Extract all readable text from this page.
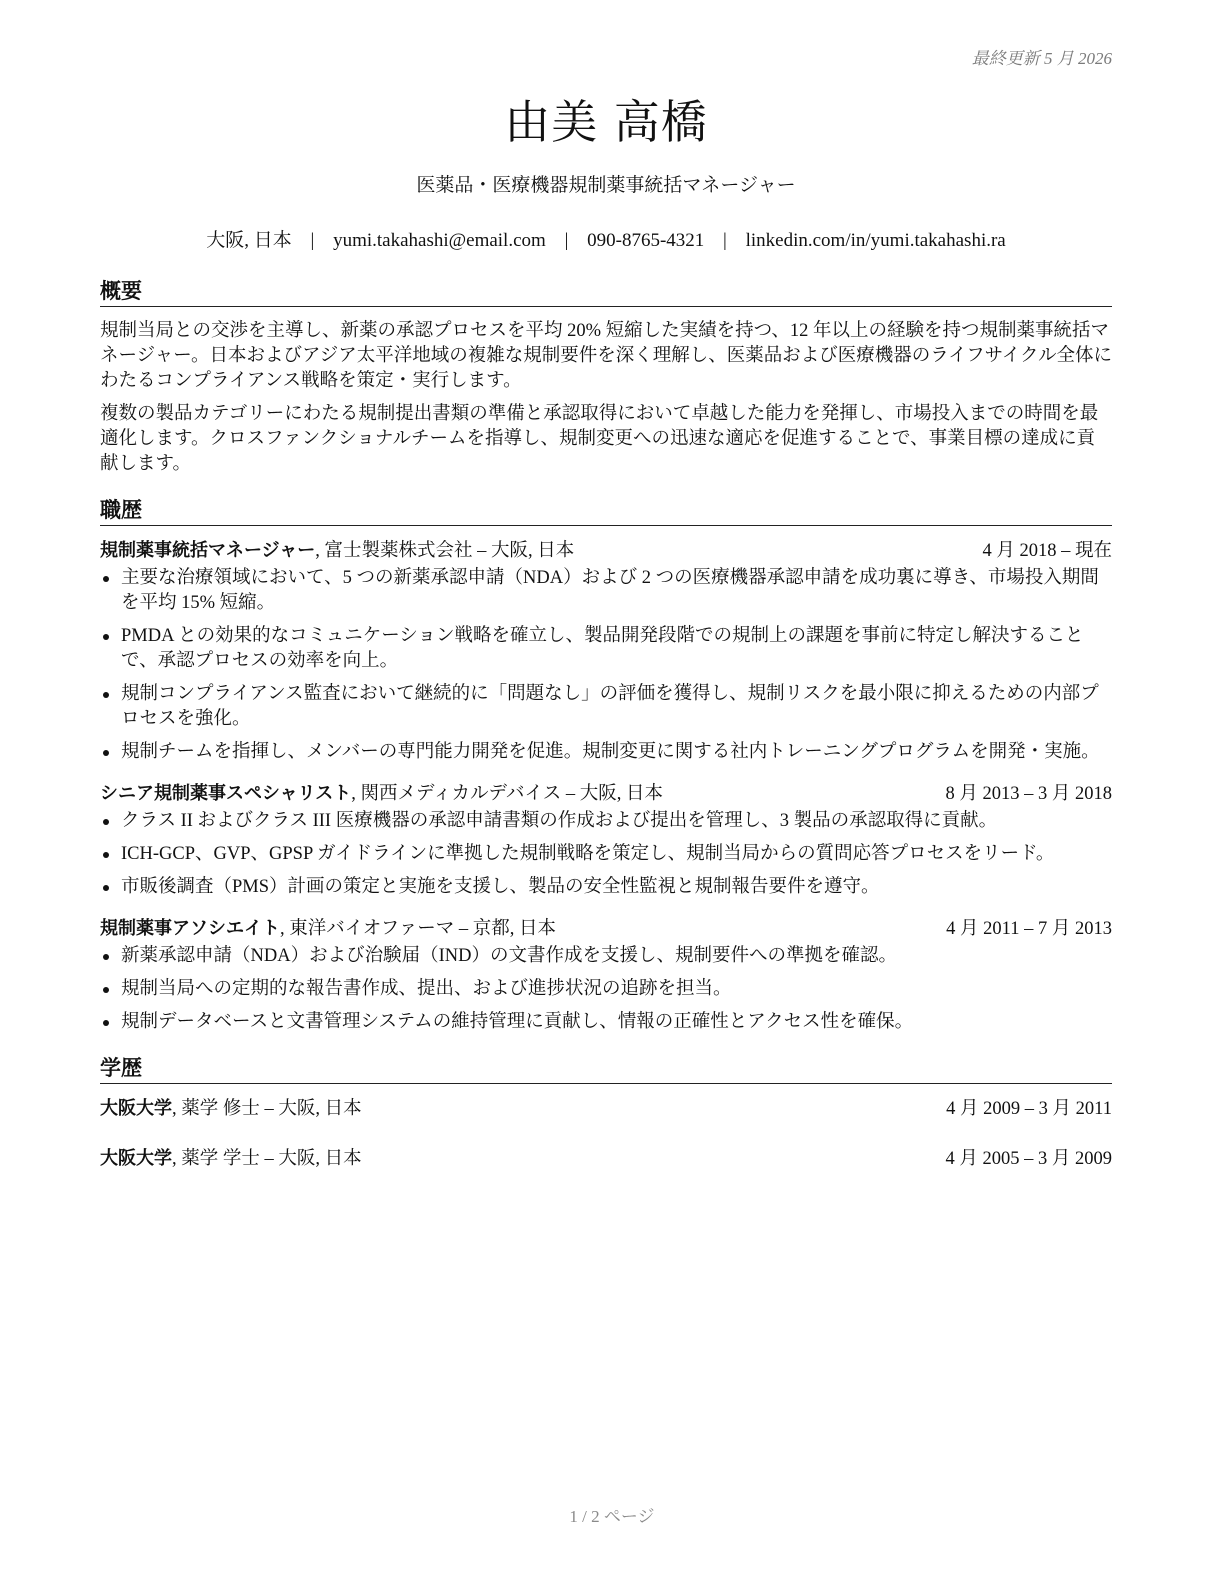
最終更新 5 月 2026
由美 高橋
医薬品・医療機器規制薬事統括マネージャー
大阪, 日本 | yumi.takahashi@email.com | 090-8765-4321 | linkedin.com/in/yumi.takahashi.ra
概要

規制当局との交渉を主導し、新薬の承認プロセスを平均 20% 短縮した実績を持つ、12 年以上の経験を持つ規制薬事統括マネージャー。日本およびアジア太平洋地域の複雑な規制要件を深く理解し、医薬品および医療機器のライフサイクル全体にわたるコンプライアンス戦略を策定・実行します。

複数の製品カテゴリーにわたる規制提出書類の準備と承認取得において卓越した能力を発揮し、市場投入までの時間を最適化します。クロスファンクショナルチームを指導し、規制変更への迅速な適応を促進することで、事業目標の達成に貢献します。

職歴
規制薬事統括マネージャー, 富士製薬株式会社 – 大阪, 日本	4 月 2018 – 現在
主要な治療領域において、5 つの新薬承認申請（NDA）および 2 つの医療機器承認申請を成功裏に導き、市場投入期間を平均 15% 短縮。
PMDA との効果的なコミュニケーション戦略を確立し、製品開発段階での規制上の課題を事前に特定し解決することで、承認プロセスの効率を向上。
規制コンプライアンス監査において継続的に「問題なし」の評価を獲得し、規制リスクを最小限に抑えるための内部プロセスを強化。
規制チームを指揮し、メンバーの専門能力開発を促進。規制変更に関する社内トレーニングプログラムを開発・実施。
シニア規制薬事スペシャリスト, 関西メディカルデバイス – 大阪, 日本	8 月 2013 – 3 月 2018
クラス II およびクラス III 医療機器の承認申請書類の作成および提出を管理し、3 製品の承認取得に貢献。
ICH-GCP、GVP、GPSP ガイドラインに準拠した規制戦略を策定し、規制当局からの質問応答プロセスをリード。
市販後調査（PMS）計画の策定と実施を支援し、製品の安全性監視と規制報告要件を遵守。
規制薬事アソシエイト, 東洋バイオファーマ – 京都, 日本	4 月 2011 – 7 月 2013
新薬承認申請（NDA）および治験届（IND）の文書作成を支援し、規制要件への準拠を確認。
規制当局への定期的な報告書作成、提出、および進捗状況の追跡を担当。
規制データベースと文書管理システムの維持管理に貢献し、情報の正確性とアクセス性を確保。
学歴
大阪大学, 薬学 修士 – 大阪, 日本	4 月 2009 – 3 月 2011
大阪大学, 薬学 学士 – 大阪, 日本	4 月 2005 – 3 月 2009
1 / 2 ページ
